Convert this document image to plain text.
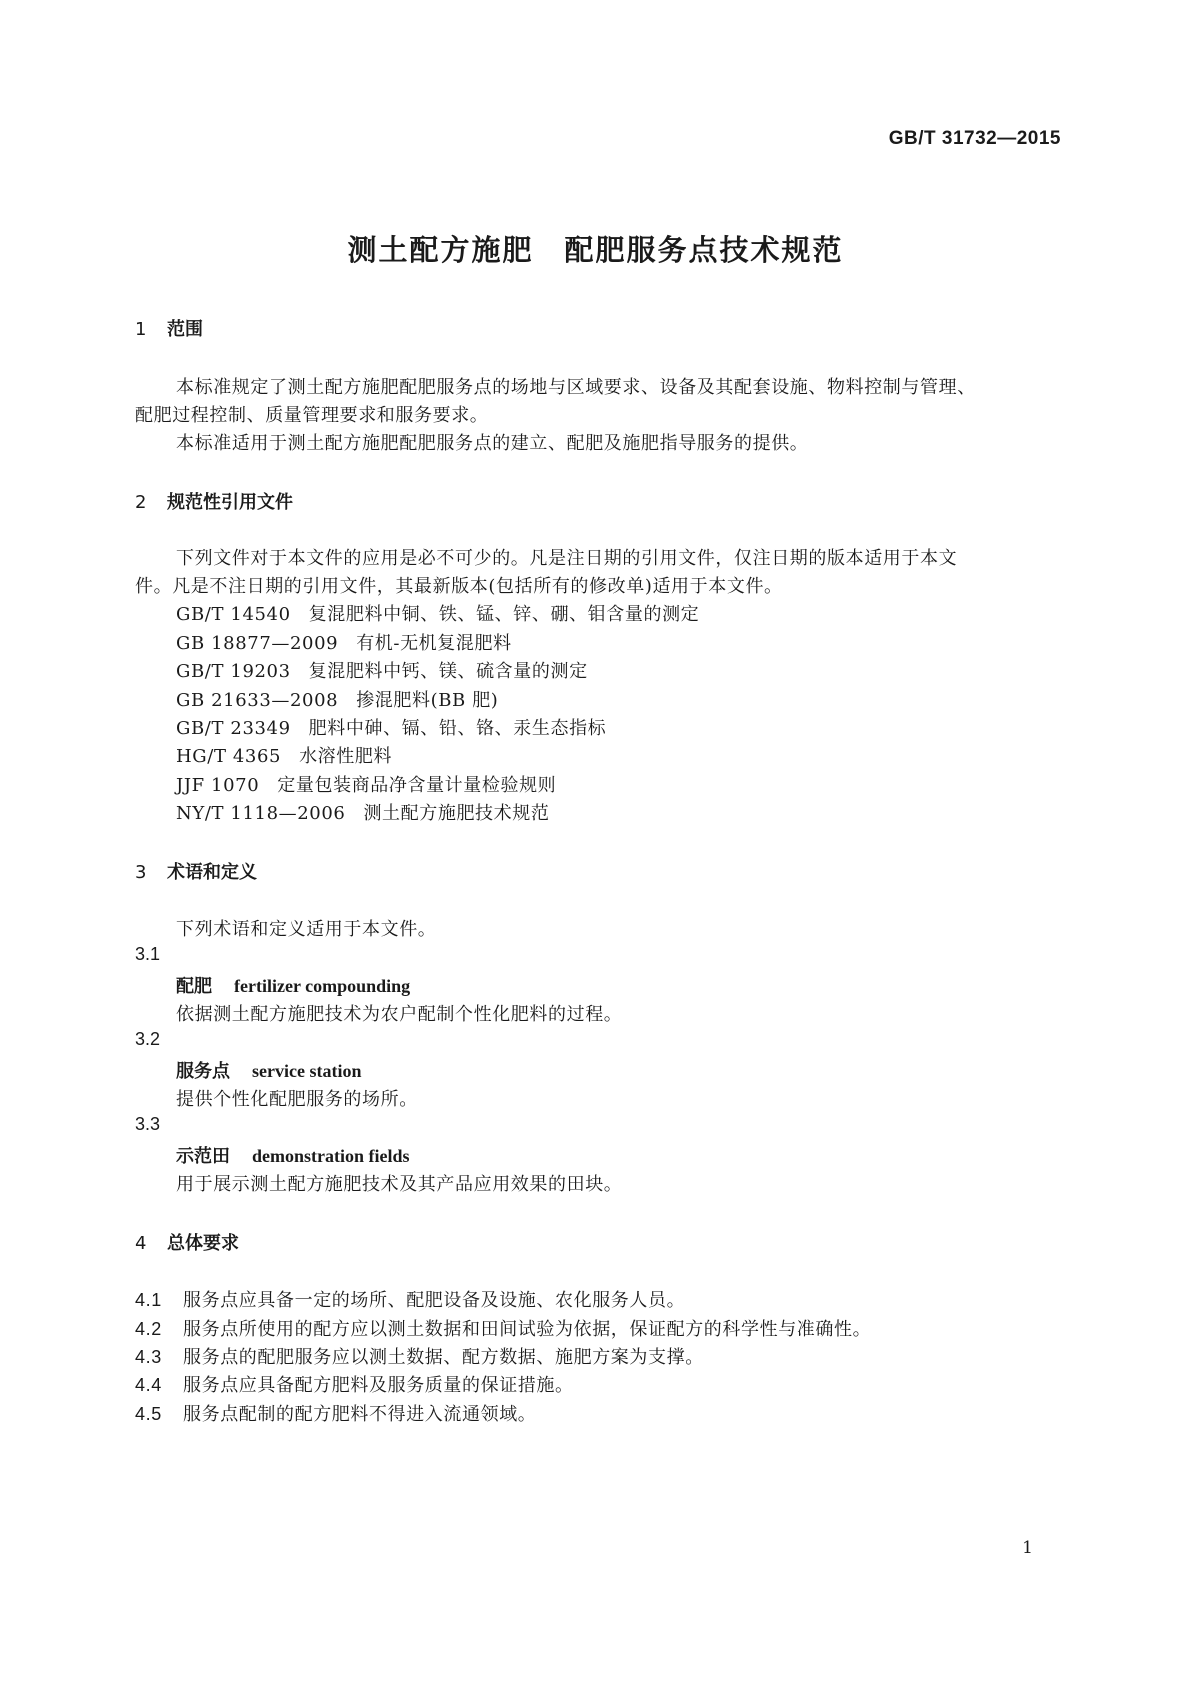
GB/T 31732—2015
测土配方施肥　配肥服务点技术规范
1 范围
本标准规定了测土配方施肥配肥服务点的场地与区域要求、设备及其配套设施、物料控制与管理、
配肥过程控制、质量管理要求和服务要求。
本标准适用于测土配方施肥配肥服务点的建立、配肥及施肥指导服务的提供。
2 规范性引用文件
下列文件对于本文件的应用是必不可少的。凡是注日期的引用文件，仅注日期的版本适用于本文
件。凡是不注日期的引用文件，其最新版本(包括所有的修改单)适用于本文件。
GB/T 14540 复混肥料中铜、铁、锰、锌、硼、钼含量的测定
GB 18877—2009 有机-无机复混肥料
GB/T 19203 复混肥料中钙、镁、硫含量的测定
GB 21633—2008 掺混肥料(BB 肥)
GB/T 23349 肥料中砷、镉、铅、铬、汞生态指标
HG/T 4365 水溶性肥料
JJF 1070 定量包装商品净含量计量检验规则
NY/T 1118—2006 测土配方施肥技术规范
3 术语和定义
下列术语和定义适用于本文件。
3.1
配肥 fertilizer compounding
依据测土配方施肥技术为农户配制个性化肥料的过程。
3.2
服务点 service station
提供个性化配肥服务的场所。
3.3
示范田 demonstration fields
用于展示测土配方施肥技术及其产品应用效果的田块。
4 总体要求
4.1 服务点应具备一定的场所、配肥设备及设施、农化服务人员。
4.2 服务点所使用的配方应以测土数据和田间试验为依据，保证配方的科学性与准确性。
4.3 服务点的配肥服务应以测土数据、配方数据、施肥方案为支撑。
4.4 服务点应具备配方肥料及服务质量的保证措施。
4.5 服务点配制的配方肥料不得进入流通领域。
1
